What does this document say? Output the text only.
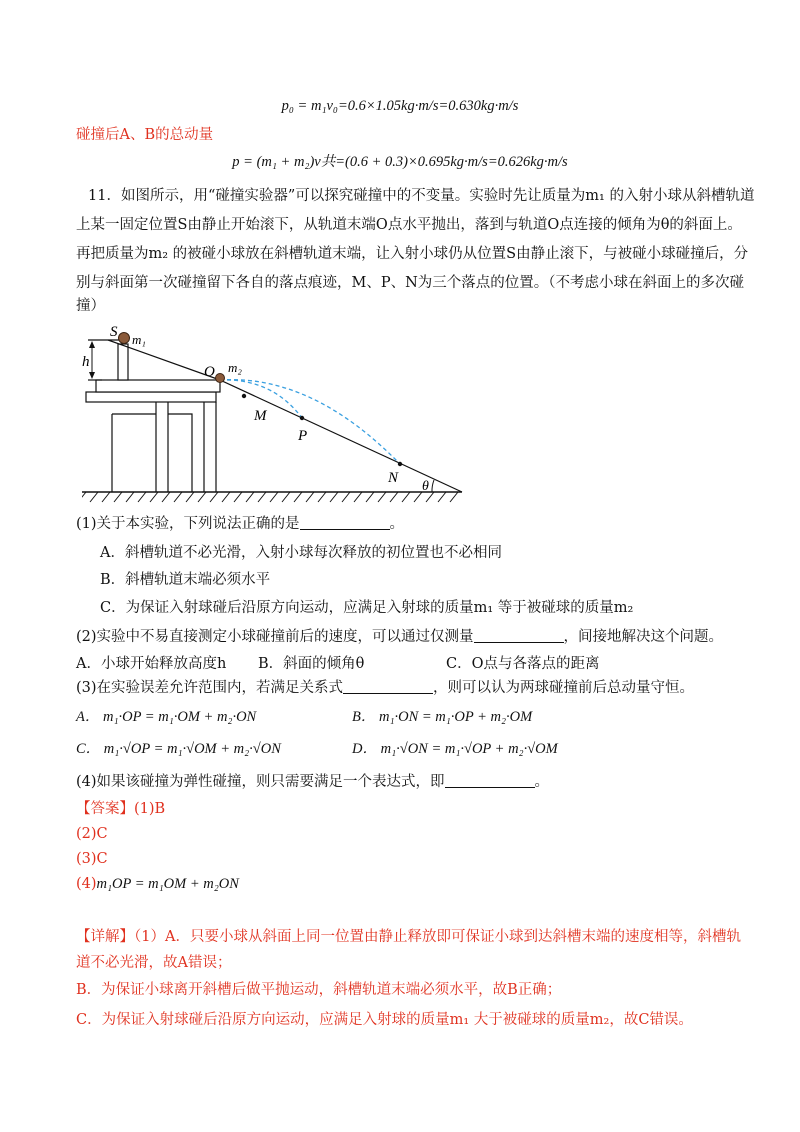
p₀ = m₁v₀=0.6×1.05kg·m/s=0.630kg·m/s
碰撞后A、B的总动量
p = (m₁ + m₂)v共=(0.6 + 0.3)×0.695kg·m/s=0.626kg·m/s
11．如图所示，用“碰撞实验器”可以探究碰撞中的不变量。实验时先让质量为m₁ 的入射小球从斜槽轨道
上某一固定位置S由静止开始滚下，从轨道末端O点水平抛出，落到与轨道O点连接的倾角为θ的斜面上。
再把质量为m₂ 的被碰小球放在斜槽轨道末端，让入射小球仍从位置S由静止滚下，与被碰小球碰撞后，分
别与斜面第一次碰撞留下各自的落点痕迹，M、P、N为三个落点的位置。（不考虑小球在斜面上的多次碰
撞）
S m₁
h
O m₂
M
P
N
θ
(1)关于本实验，下列说法正确的是	。
A．斜槽轨道不必光滑，入射小球每次释放的初位置也不必相同
B．斜槽轨道末端必须水平
C．为保证入射球碰后沿原方向运动，应满足入射球的质量m₁ 等于被碰球的质量m₂
(2)实验中不易直接测定小球碰撞前后的速度，可以通过仅测量	，间接地解决这个问题。
A．小球开始释放高度h B．斜面的倾角θ	C．O点与各落点的距离
(3)在实验误差允许范围内，若满足关系式	，则可以认为两球碰撞前后总动量守恒。
A． m₁·OP = m₁·OM + m₂·ON	B． m₁·ON = m₁·OP + m₂·OM
C． m₁·√OP = m₁·√OM + m₂·√ON	D． m₁·√ON = m₁·√OP + m₂·√OM
(4)如果该碰撞为弹性碰撞，则只需要满足一个表达式，即	。
【答案】(1)B
(2)C
(3)C
(4)m₁OP = m₁OM + m₂ON
【详解】（1）A．只要小球从斜面上同一位置由静止释放即可保证小球到达斜槽末端的速度相等，斜槽轨
道不必光滑，故A错误；
B．为保证小球离开斜槽后做平抛运动，斜槽轨道末端必须水平，故B正确；
C．为保证入射球碰后沿原方向运动，应满足入射球的质量m₁ 大于被碰球的质量m₂，故C错误。
